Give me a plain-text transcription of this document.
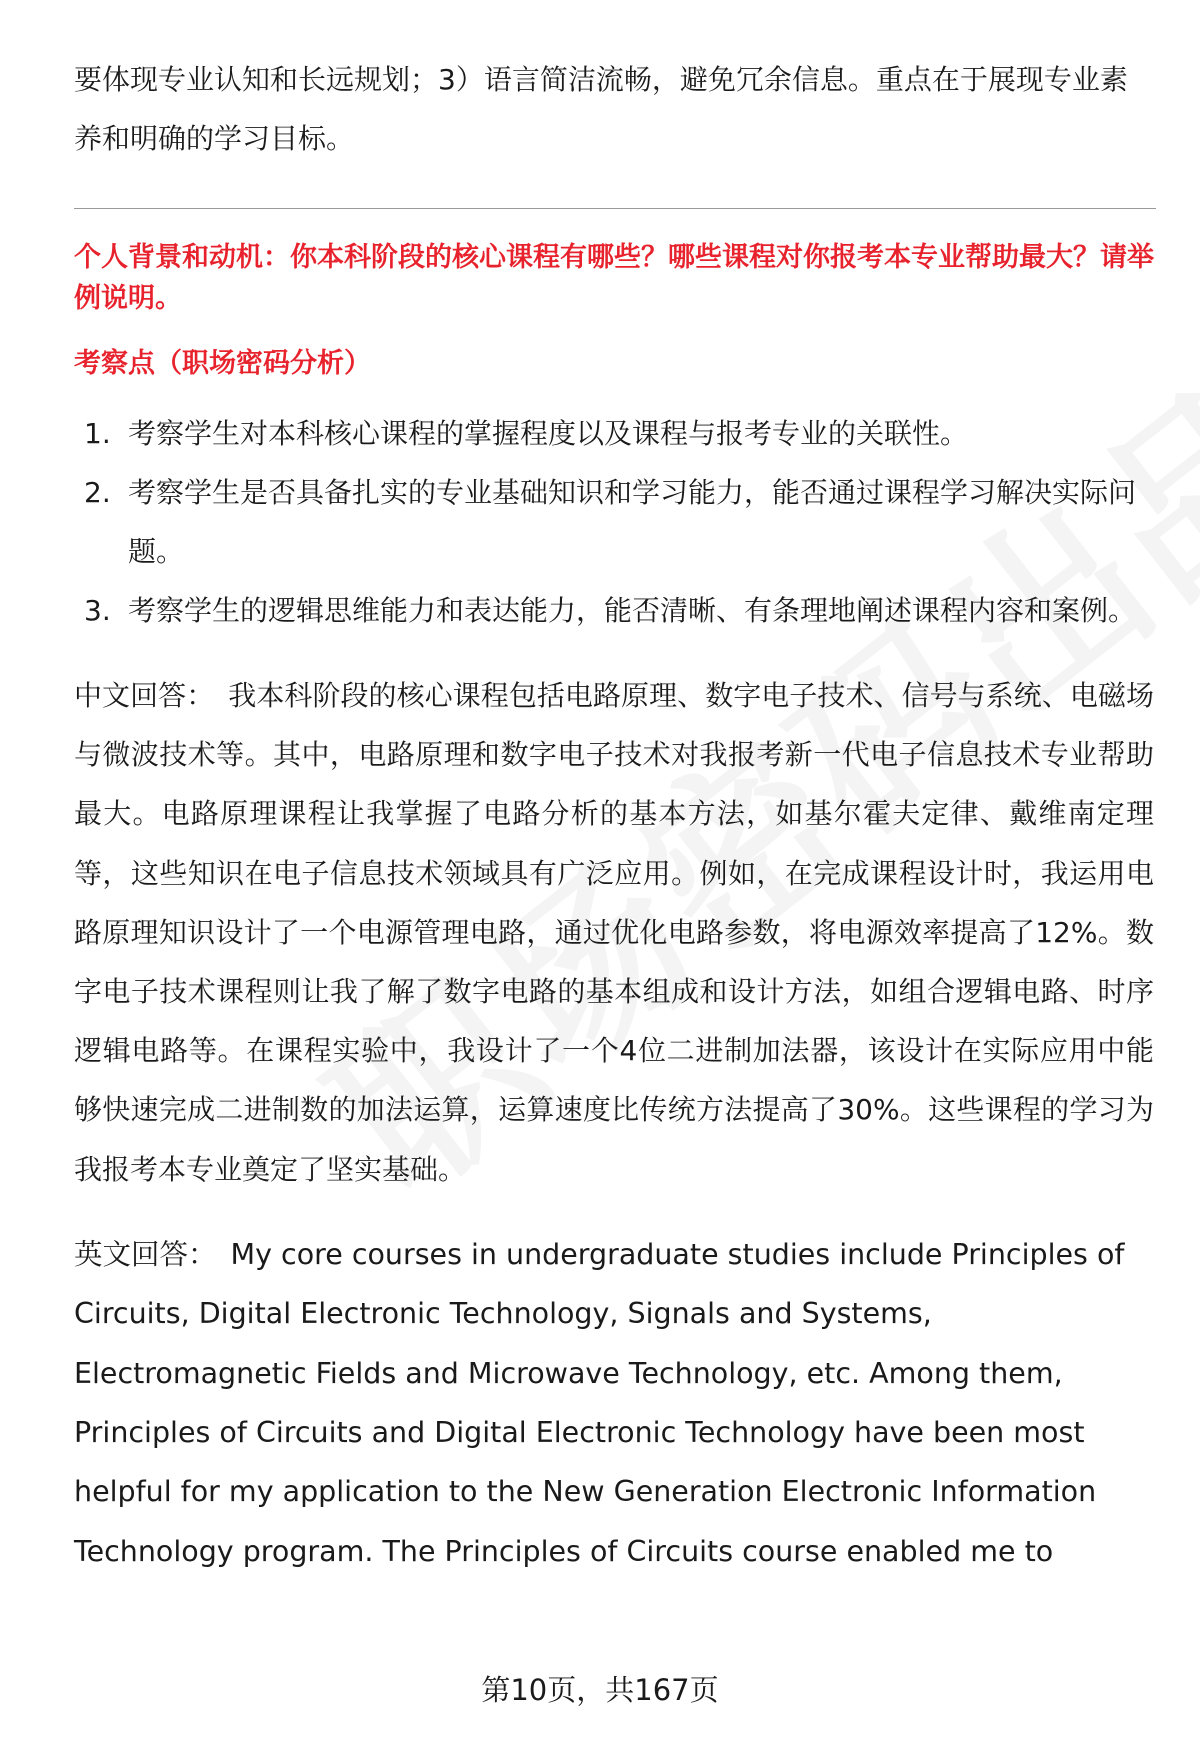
要体现专业认知和长远规划；3）语言简洁流畅，避免冗余信息。重点在于展现专业素养和明确的学习目标。

个人背景和动机：你本科阶段的核心课程有哪些？哪些课程对你报考本专业帮助最大？请举例说明。

考察点（职场密码分析）

1. 考察学生对本科核心课程的掌握程度以及课程与报考专业的关联性。
2. 考察学生是否具备扎实的专业基础知识和学习能力，能否通过课程学习解决实际问题。
3. 考察学生的逻辑思维能力和表达能力，能否清晰、有条理地阐述课程内容和案例。

中文回答： 我本科阶段的核心课程包括电路原理、数字电子技术、信号与系统、电磁场与微波技术等。其中，电路原理和数字电子技术对我报考新一代电子信息技术专业帮助最大。电路原理课程让我掌握了电路分析的基本方法，如基尔霍夫定律、戴维南定理等，这些知识在电子信息技术领域具有广泛应用。例如，在完成课程设计时，我运用电路原理知识设计了一个电源管理电路，通过优化电路参数，将电源效率提高了12%。数字电子技术课程则让我了解了数字电路的基本组成和设计方法，如组合逻辑电路、时序逻辑电路等。在课程实验中，我设计了一个4位二进制加法器，该设计在实际应用中能够快速完成二进制数的加法运算，运算速度比传统方法提高了30%。这些课程的学习为我报考本专业奠定了坚实基础。

英文回答： My core courses in undergraduate studies include Principles of
Circuits, Digital Electronic Technology, Signals and Systems,
Electromagnetic Fields and Microwave Technology, etc. Among them,
Principles of Circuits and Digital Electronic Technology have been most
helpful for my application to the New Generation Electronic Information
Technology program. The Principles of Circuits course enabled me to
第10页，共167页
